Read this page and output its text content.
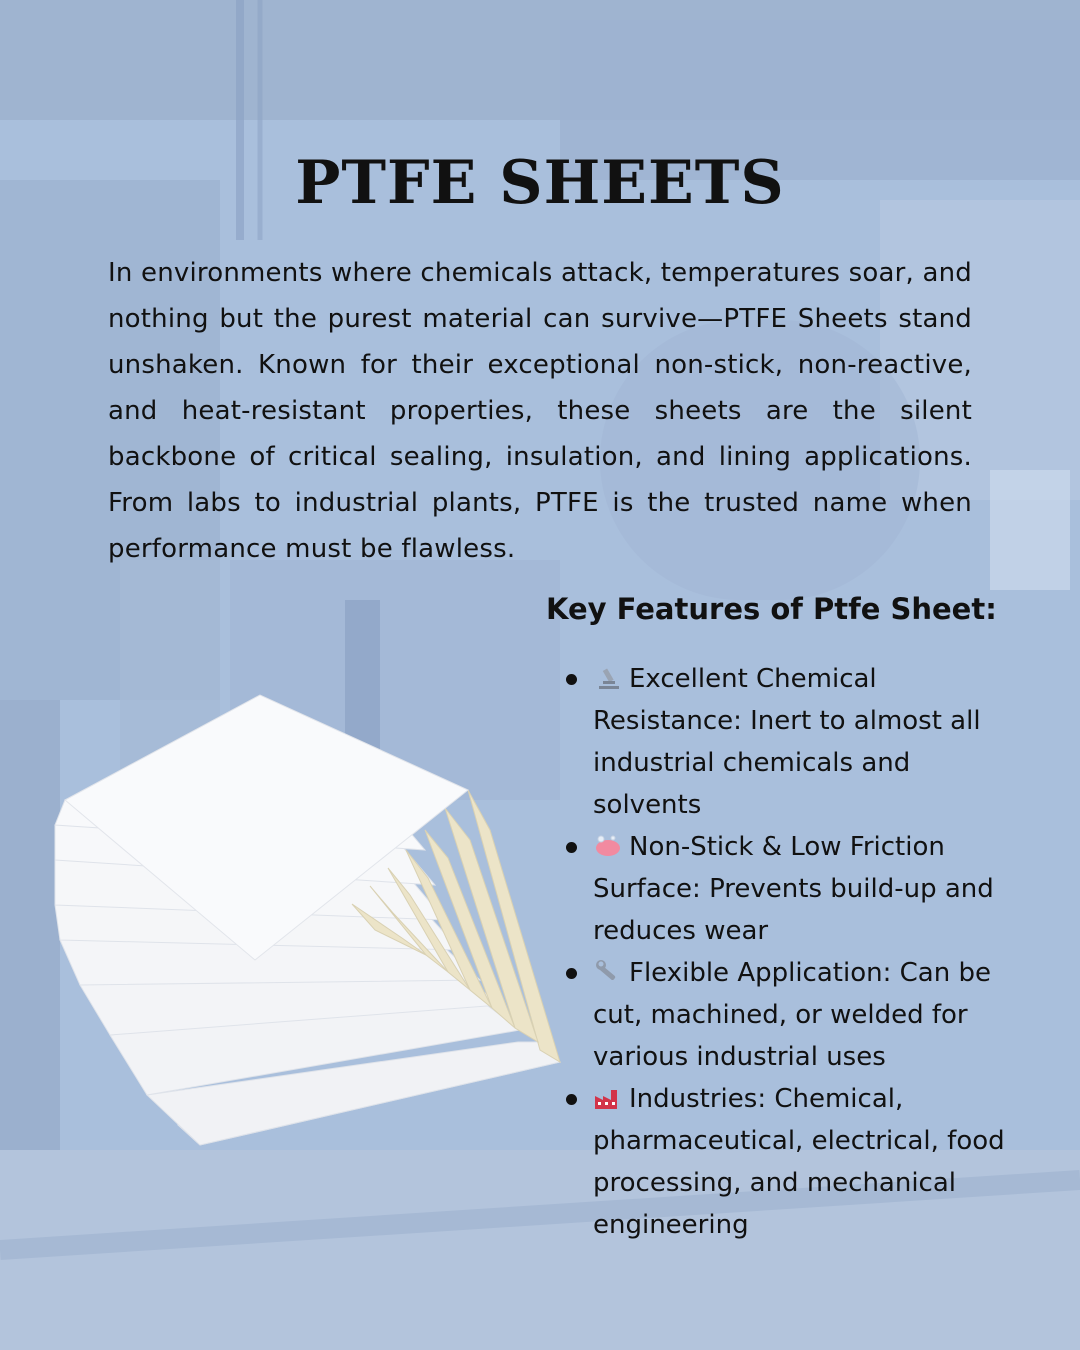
PTFE SHEETS
In environments where chemicals attack, temperatures soar, and nothing but the purest material can survive—PTFE Sheets stand unshaken. Known for their exceptional non-stick, non-reactive, and heat-resistant properties, these sheets are the silent backbone of critical sealing, insulation, and lining applications. From labs to industrial plants, PTFE is the trusted name when performance must be flawless.
Key Features of Ptfe Sheet:
Excellent Chemical Resistance: Inert to almost all industrial chemicals and solvents
Non-Stick & Low Friction Surface: Prevents build-up and reduces wear
Flexible Application: Can be cut, machined, or welded for various industrial uses
Industries: Chemical, pharmaceutical, electrical, food processing, and mechanical engineering
